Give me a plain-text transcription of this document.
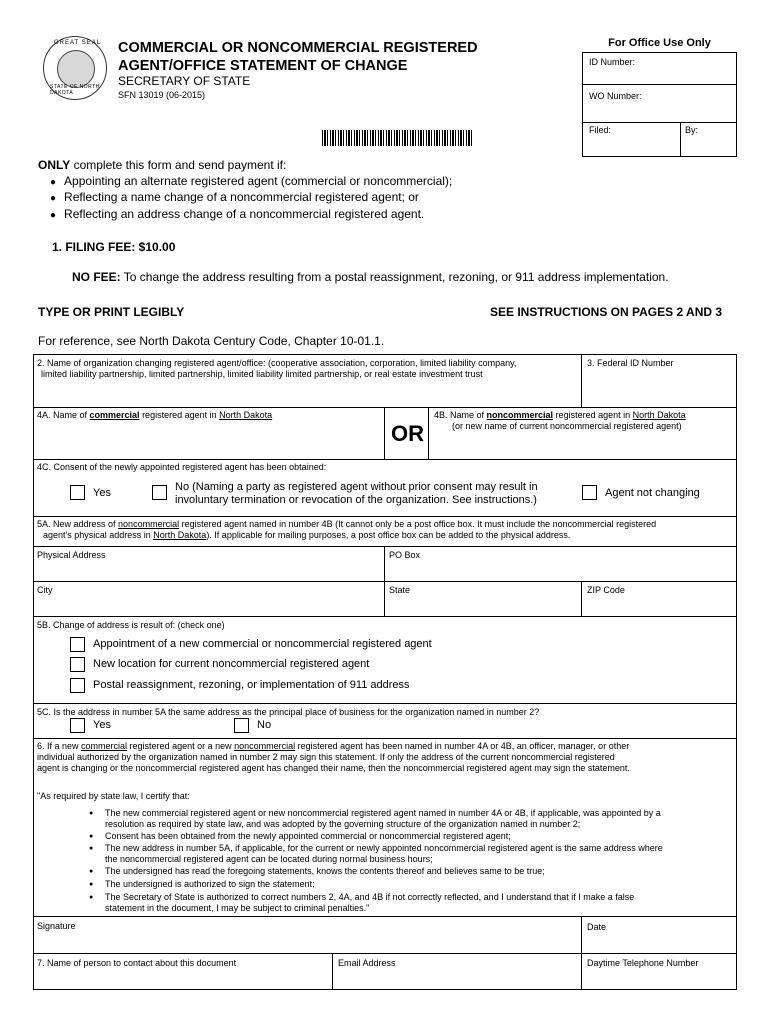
GREAT SEAL
STATE OF NORTH DAKOTA
COMMERCIAL OR NONCOMMERCIAL REGISTERED
AGENT/OFFICE STATEMENT OF CHANGE
SECRETARY OF STATE
SFN 13019 (06-2015)
For Office Use Only
ID Number:
WO Number:
Filed:	By:
ONLY complete this form and send payment if:
● Appointing an alternate registered agent (commercial or noncommercial);
● Reflecting a name change of a noncommercial registered agent; or
● Reflecting an address change of a noncommercial registered agent.
1. FILING FEE: $10.00
NO FEE: To change the address resulting from a postal reassignment, rezoning, or 911 address implementation.
TYPE OR PRINT LEGIBLY	SEE INSTRUCTIONS ON PAGES 2 AND 3
For reference, see North Dakota Century Code, Chapter 10-01.1.
2. Name of organization changing registered agent/office: (cooperative association, corporation, limited liability company,
limited liability partnership, limited partnership, limited liability limited partnership, or real estate investment trust
3. Federal ID Number
4A. Name of commercial registered agent in North Dakota
OR
4B. Name of noncommercial registered agent in North Dakota
(or new name of current noncommercial registered agent)
4C. Consent of the newly appointed registered agent has been obtained:
Yes	No (Naming a party as registered agent without prior consent may result in
involuntary termination or revocation of the organization. See instructions.)
Agent not changing
5A. New address of noncommercial registered agent named in number 4B (It cannot only be a post office box. It must include the noncommercial registered
agent's physical address in North Dakota). If applicable for mailing purposes, a post office box can be added to the physical address.
Physical Address	PO Box
City	State	ZIP Code
5B. Change of address is result of: (check one)
Appointment of a new commercial or noncommercial registered agent
New location for current noncommercial registered agent
Postal reassignment, rezoning, or implementation of 911 address
5C. Is the address in number 5A the same address as the principal place of business for the organization named in number 2?
Yes	No
6. If a new commercial registered agent or a new noncommercial registered agent has been named in number 4A or 4B, an officer, manager, or other
individual authorized by the organization named in number 2 may sign this statement. If only the address of the current noncommercial registered
agent is changing or the noncommercial registered agent has changed their name, then the noncommercial registered agent may sign the statement.
"As required by state law, I certify that:
● The new commercial registered agent or new noncommercial registered agent named in number 4A or 4B, if applicable, was appointed by a
resolution as required by state law, and was adopted by the governing structure of the organization named in number 2;
● Consent has been obtained from the newly appointed commercial or noncommercial registered agent;
● The new address in number 5A, if applicable, for the current or newly appointed noncommercial registered agent is the same address where
the noncommercial registered agent can be located during normal business hours;
● The undersigned has read the foregoing statements, knows the contents thereof and believes same to be true;
● The undersigned is authorized to sign the statement;
● The Secretary of State is authorized to correct numbers 2, 4A, and 4B if not correctly reflected, and I understand that if I make a false
statement in the document, I may be subject to criminal penalties."
Signature	Date
7. Name of person to contact about this document	Email Address	Daytime Telephone Number
